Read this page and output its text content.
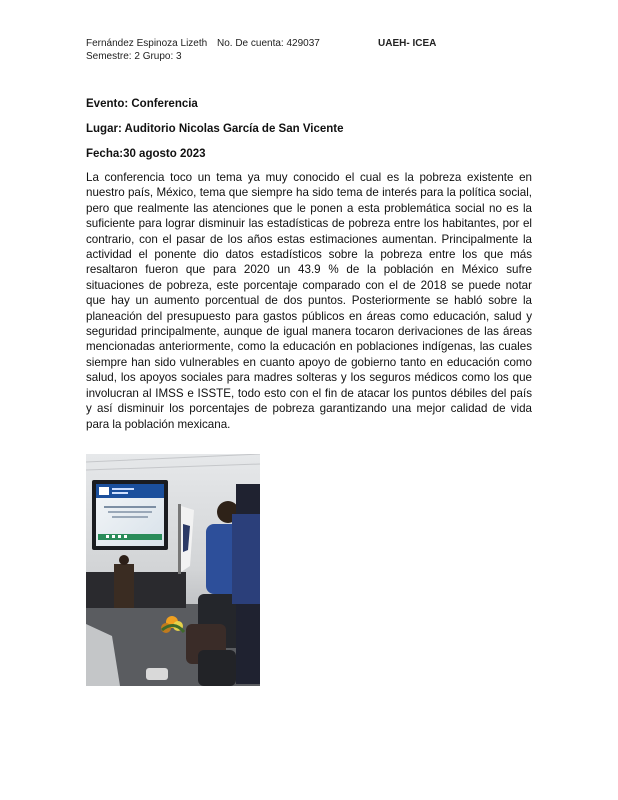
Fernández Espinoza Lizeth No. De cuenta: 429037	UAEH- ICEA
Semestre: 2 Grupo: 3
Evento: Conferencia
Lugar: Auditorio Nicolas García de San Vicente
Fecha:30 agosto 2023

La conferencia toco un tema ya muy conocido el cual es la pobreza existente en nuestro país, México, tema que siempre ha sido tema de interés para la política social, pero que realmente las atenciones que le ponen a esta problemática social no es la suficiente para lograr disminuir las estadísticas de pobreza entre los habitantes, por el contrario, con el pasar de los años estas estimaciones aumentan. Principalmente la actividad el ponente dio datos estadísticos sobre la pobreza entre los que más resaltaron fueron que para 2020 un 43.9 % de la población en México sufre situaciones de pobreza, este porcentaje comparado con el de 2018 se puede notar que hay un aumento porcentual de dos puntos. Posteriormente se habló sobre la planeación del presupuesto para gastos públicos en áreas como educación, salud y seguridad principalmente, aunque de igual manera tocaron derivaciones de las áreas mencionadas anteriormente, como la educación en poblaciones indígenas, las cuales siempre han sido vulnerables en cuanto apoyo de gobierno tanto en educación como salud, los apoyos sociales para madres solteras y los seguros médicos como los que involucran al IMSS e ISSTE, todo esto con el fin de atacar los puntos débiles del país y así disminuir los porcentajes de pobreza garantizando una mejor calidad de vida para la población mexicana.
